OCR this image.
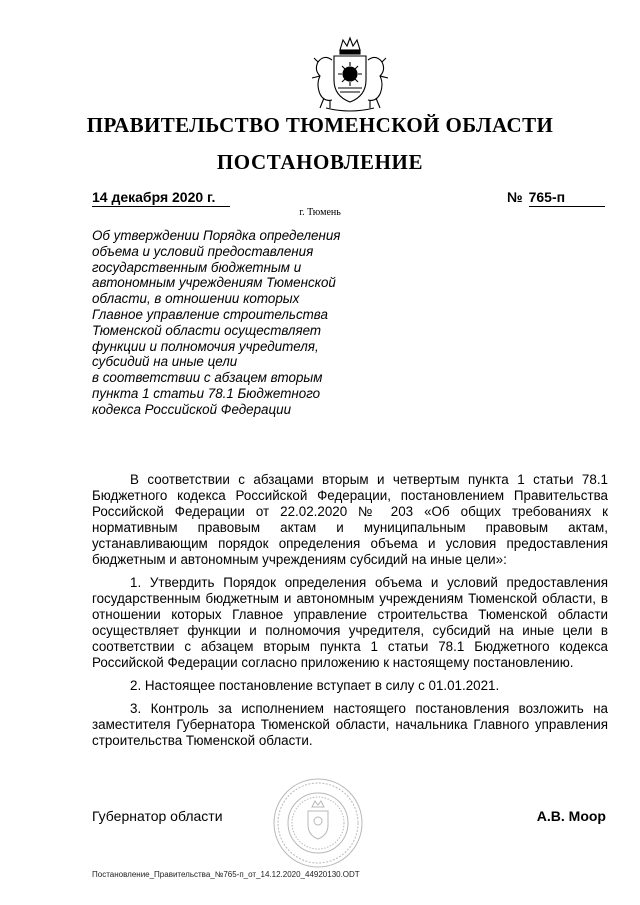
ПРАВИТЕЛЬСТВО ТЮМЕНСКОЙ ОБЛАСТИ
ПОСТАНОВЛЕНИЕ
14 декабря 2020 г.	№ 765-п
г. Тюмень
Об утверждении Порядка определения
объема и условий предоставления
государственным бюджетным и
автономным учреждениям Тюменской
области, в отношении которых
Главное управление строительства
Тюменской области осуществляет
функции и полномочия учредителя,
субсидий на иные цели
в соответствии с абзацем вторым
пункта 1 статьи 78.1 Бюджетного
кодекса Российской Федерации

В соответствии с абзацами вторым и четвертым пункта 1 статьи 78.1 Бюджетного кодекса Российской Федерации, постановлением Правительства Российской Федерации от 22.02.2020 № 203 «Об общих требованиях к нормативным правовым актам и муниципальным правовым актам, устанавливающим порядок определения объема и условия предоставления бюджетным и автономным учреждениям субсидий на иные цели»:

1. Утвердить Порядок определения объема и условий предоставления государственным бюджетным и автономным учреждениям Тюменской области, в отношении которых Главное управление строительства Тюменской области осуществляет функции и полномочия учредителя, субсидий на иные цели в соответствии с абзацем вторым пункта 1 статьи 78.1 Бюджетного кодекса Российской Федерации согласно приложению к настоящему постановлению.

2. Настоящее постановление вступает в силу с 01.01.2021.

3. Контроль за исполнением настоящего постановления возложить на заместителя Губернатора Тюменской области, начальника Главного управления строительства Тюменской области.

Губернатор области	А.В. Моор
Постановление_Правительства_№765-п_от_14.12.2020_44920130.ODT
